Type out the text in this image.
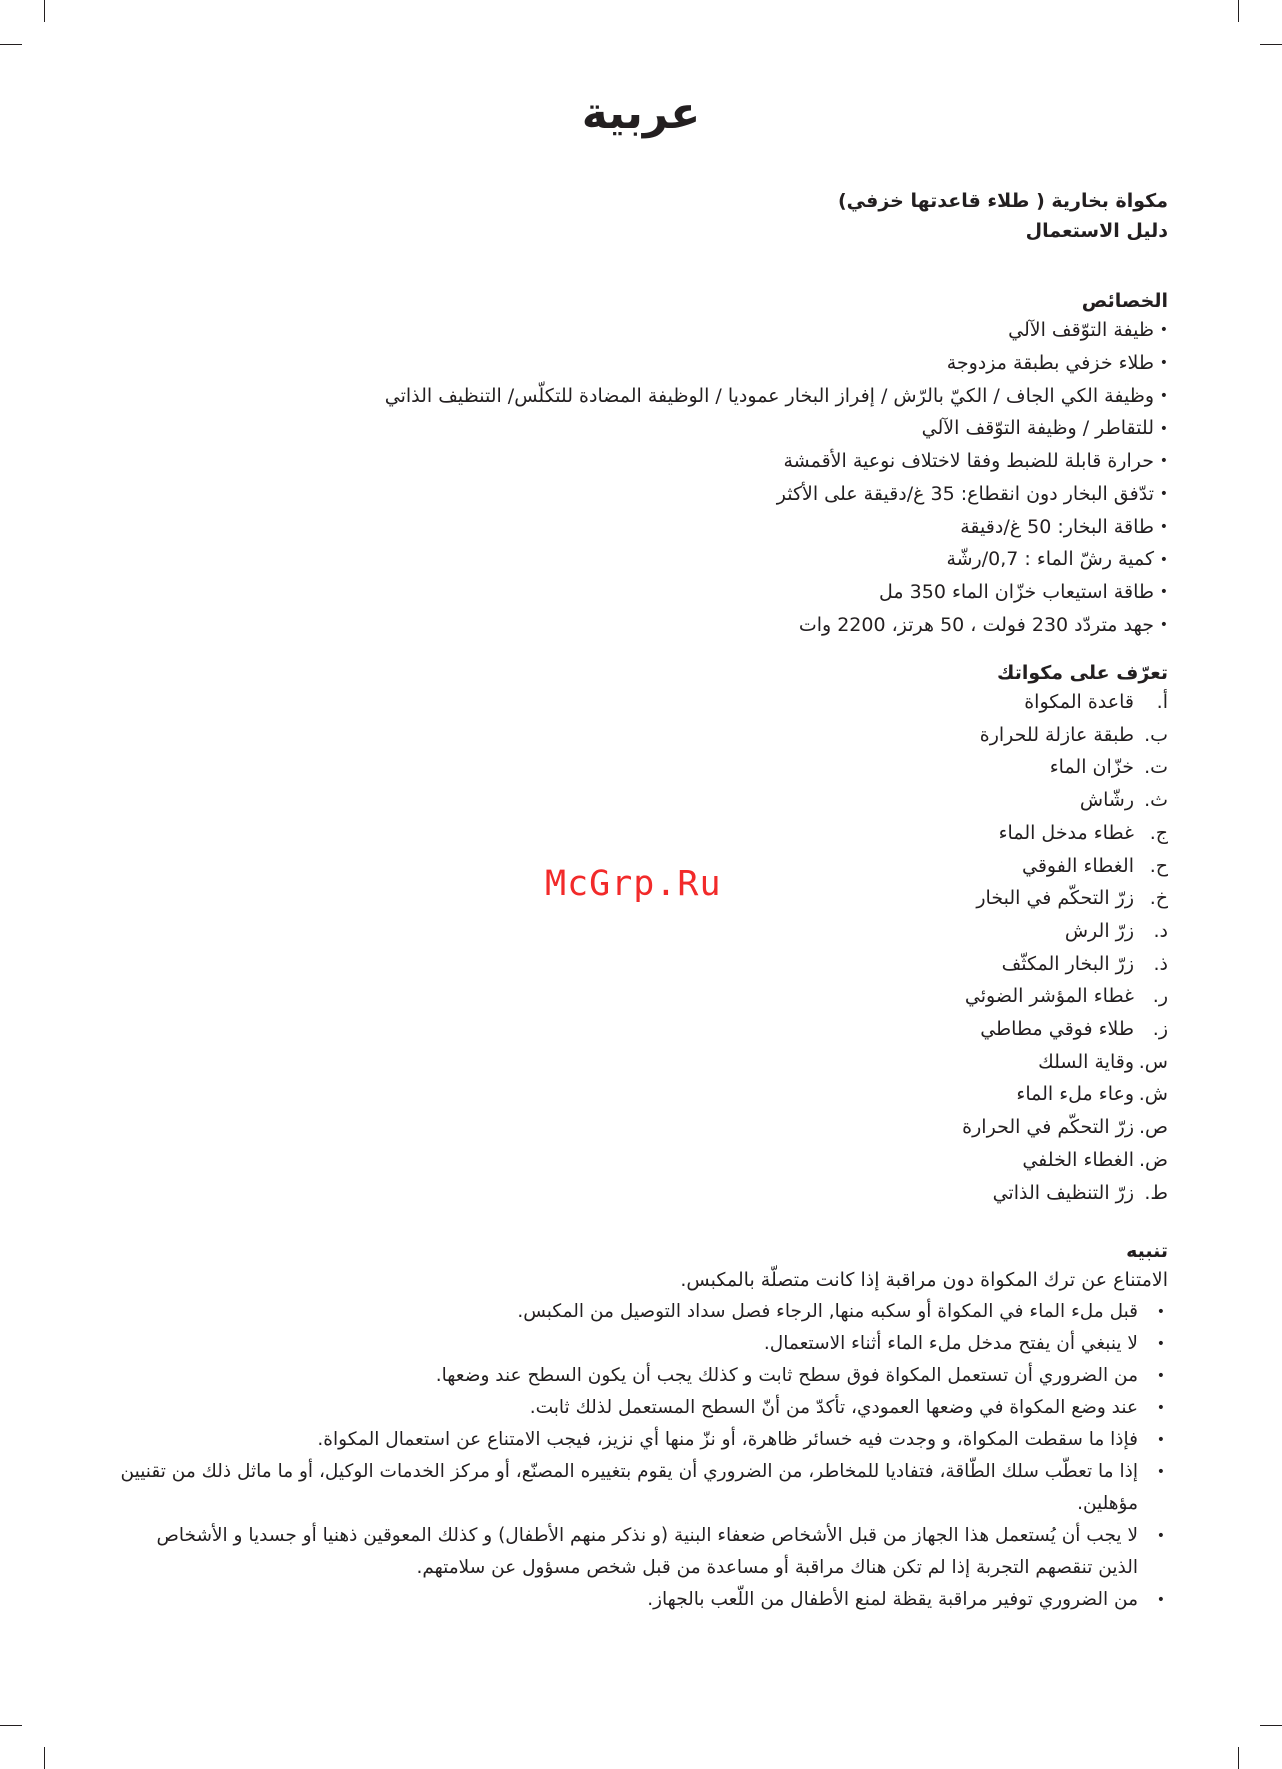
عربية
مكواة بخارية ( طلاء قاعدتها خزفي)
دليل الاستعمال
الخصائص
•ظيفة التوّقف الآلي
•طلاء خزفي بطبقة مزدوجة
•وظيفة الكي الجاف / الكيّ بالرّش / إفراز البخار عموديا / الوظيفة المضادة للتكلّس/ التنظيف الذاتي
•للتقاطر / وظيفة التوّقف الآلي
•حرارة قابلة للضبط وفقا لاختلاف نوعية الأقمشة
•تدّفق البخار دون انقطاع: 35 غ/دقيقة على الأكثر
•طاقة البخار: 50 غ/دقيقة
•كمية رشّ الماء : 0,7/رشّة
•طاقة استيعاب خزّان الماء 350 مل
•جهد متردّد 230 فولت ، 50 هرتز، 2200 وات
تعرّف على مكواتك
أ.قاعدة المكواة
ب.طبقة عازلة للحرارة
ت.خزّان الماء
ث.رشّاش
ج.غطاء مدخل الماء
ح.الغطاء الفوقي
خ.زرّ التحكّم في البخار
د.زرّ الرش
ذ.زرّ البخار المكثّف
ر.غطاء المؤشر الضوئي
ز.طلاء فوقي مطاطي
س.وقاية السلك
ش.وعاء ملء الماء
ص.زرّ التحكّم في الحرارة
ض.الغطاء الخلفي
ط.زرّ التنظيف الذاتي
تنبيه
الامتناع عن ترك المكواة دون مراقبة إذا كانت متصلّة بالمكبس.
•
قبل ملء الماء في المكواة أو سكبه منها, الرجاء فصل سداد التوصيل من المكبس.
•
لا ينبغي أن يفتح مدخل ملء الماء أثناء الاستعمال.
•
من الضروري أن تستعمل المكواة فوق سطح ثابت و كذلك يجب أن يكون السطح عند وضعها.
•
عند وضع المكواة في وضعها العمودي، تأكدّ من أنّ السطح المستعمل لذلك ثابت.
•
فإذا ما سقطت المكواة، و وجدت فيه خسائر ظاهرة، أو نزّ منها أي نزيز، فيجب الامتناع عن استعمال المكواة.
•
إذا ما تعطّب سلك الطّاقة، فتفاديا للمخاطر، من الضروري أن يقوم بتغييره المصنّع، أو مركز الخدمات الوكيل، أو ما ماثل ذلك من تقنيين مؤهلين.
•
لا يجب أن يُستعمل هذا الجهاز من قبل الأشخاص ضعفاء البنية (و نذكر منهم الأطفال) و كذلك المعوقين ذهنيا أو جسديا و الأشخاص الذين تنقصهم التجربة إذا لم تكن هناك مراقبة أو مساعدة من قبل شخص مسؤول عن سلامتهم.
•
من الضروري توفير مراقبة يقظة لمنع الأطفال من اللّعب بالجهاز.
McGrp.Ru
